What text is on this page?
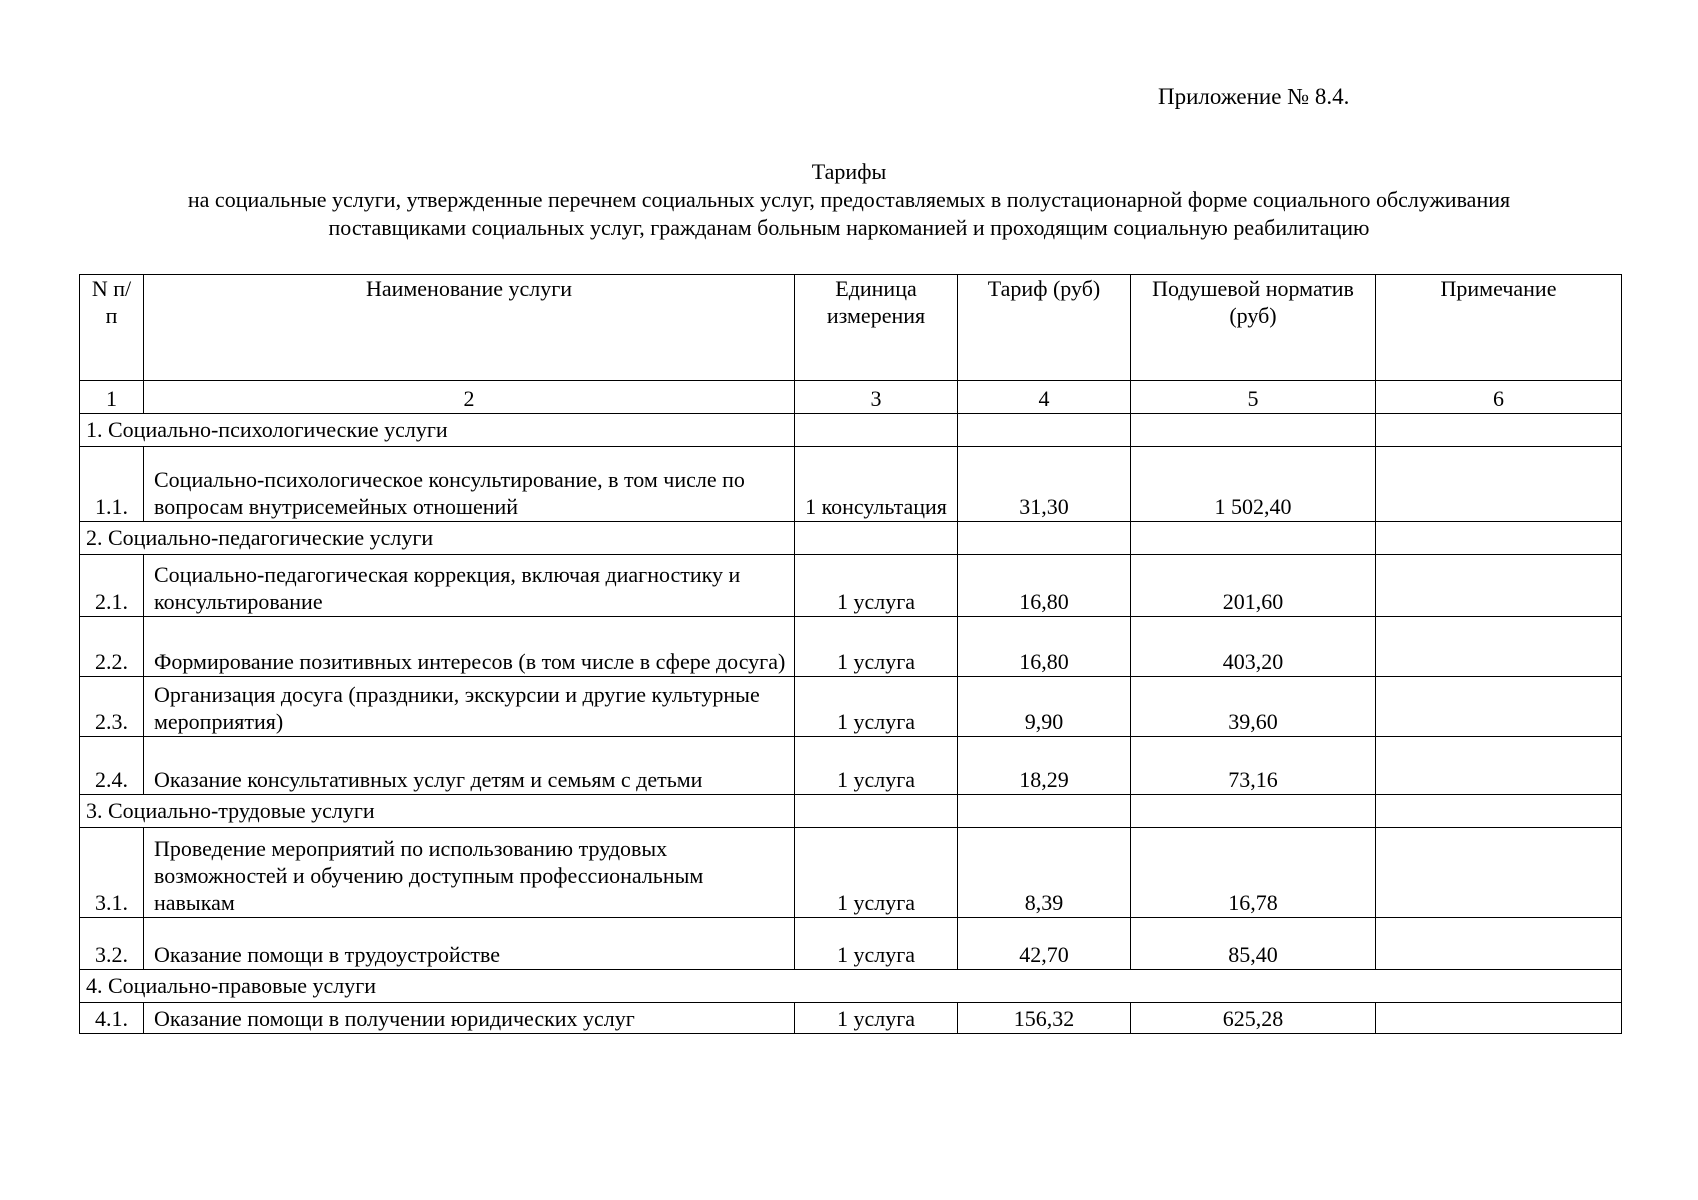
Приложение № 8.4.
Тарифы
на социальные услуги, утвержденные перечнем социальных услуг, предоставляемых в полустационарной форме социального обслуживания
поставщиками социальных услуг, гражданам больным наркоманией и проходящим социальную реабилитацию
N п/п	Наименование услуги	Единица измерения	Тариф (руб)	Подушевой норматив (руб)	Примечание
1	2	3	4	5	6
1. Социально-психологические услуги					
1.1.	Социально-психологическое консультирование, в том числе по вопросам внутрисемейных отношений	1 консультация	31,30	1 502,40	
2. Социально-педагогические услуги					
2.1.	Социально-педагогическая коррекция, включая диагностику и консультирование	1 услуга	16,80	201,60	
2.2.	Формирование позитивных интересов (в том числе в сфере досуга)	1 услуга	16,80	403,20	
2.3.	Организация досуга (праздники, экскурсии и другие культурные мероприятия)	1 услуга	9,90	39,60	
2.4.	Оказание консультативных услуг детям и семьям с детьми	1 услуга	18,29	73,16	
3. Социально-трудовые услуги					
3.1.	Проведение мероприятий по использованию трудовых возможностей и обучению доступным профессиональным навыкам	1 услуга	8,39	16,78	
3.2.	Оказание помощи в трудоустройстве	1 услуга	42,70	85,40	
4. Социально-правовые услуги					
4.1.	Оказание помощи в получении юридических услуг	1 услуга	156,32	625,28	
